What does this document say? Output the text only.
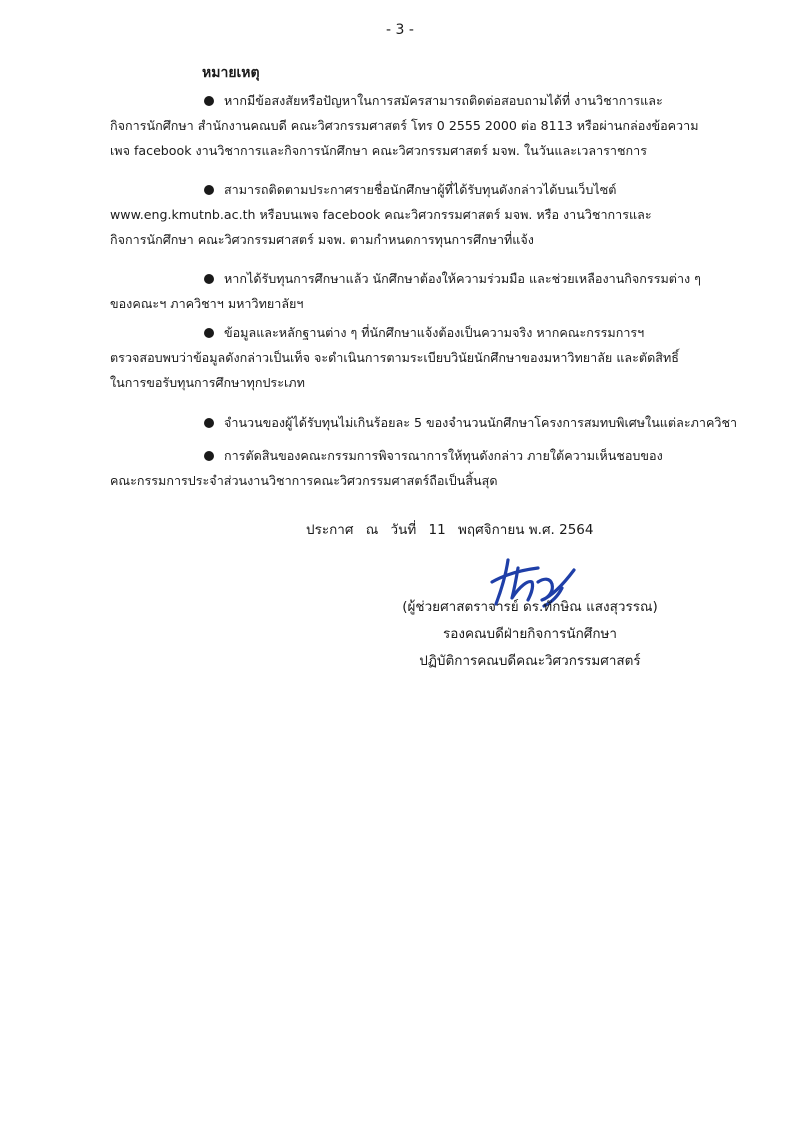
- 3 -
หมายเหตุ
หากมีข้อสงสัยหรือปัญหาในการสมัครสามารถติดต่อสอบถามได้ที่ งานวิชาการและ
กิจการนักศึกษา สำนักงานคณบดี คณะวิศวกรรมศาสตร์ โทร 0 2555 2000 ต่อ 8113 หรือผ่านกล่องข้อความ
เพจ facebook งานวิชาการและกิจการนักศึกษา คณะวิศวกรรมศาสตร์ มจพ. ในวันและเวลาราชการ
สามารถติดตามประกาศรายชื่อนักศึกษาผู้ที่ได้รับทุนดังกล่าวได้บนเว็บไซต์
www.eng.kmutnb.ac.th หรือบนเพจ facebook คณะวิศวกรรมศาสตร์ มจพ. หรือ งานวิชาการและ
กิจการนักศึกษา คณะวิศวกรรมศาสตร์ มจพ. ตามกำหนดการทุนการศึกษาที่แจ้ง
หากได้รับทุนการศึกษาแล้ว นักศึกษาต้องให้ความร่วมมือ และช่วยเหลืองานกิจกรรมต่าง ๆ
ของคณะฯ ภาควิชาฯ มหาวิทยาลัยฯ
ข้อมูลและหลักฐานต่าง ๆ ที่นักศึกษาแจ้งต้องเป็นความจริง หากคณะกรรมการฯ
ตรวจสอบพบว่าข้อมูลดังกล่าวเป็นเท็จ จะดำเนินการตามระเบียบวินัยนักศึกษาของมหาวิทยาลัย และตัดสิทธิ์
ในการขอรับทุนการศึกษาทุกประเภท
จำนวนของผู้ได้รับทุนไม่เกินร้อยละ 5 ของจำนวนนักศึกษาโครงการสมทบพิเศษในแต่ละภาควิชา
การตัดสินของคณะกรรมการพิจารณาการให้ทุนดังกล่าว ภายใต้ความเห็นชอบของ
คณะกรรมการประจำส่วนงานวิชาการคณะวิศวกรรมศาสตร์ถือเป็นสิ้นสุด
ประกาศ ณ วันที่ 11 พฤศจิกายน พ.ศ. 2564
(ผู้ช่วยศาสตราจารย์ ดร.ทักษิณ แสงสุวรรณ)
รองคณบดีฝ่ายกิจการนักศึกษา
ปฏิบัติการคณบดีคณะวิศวกรรมศาสตร์
